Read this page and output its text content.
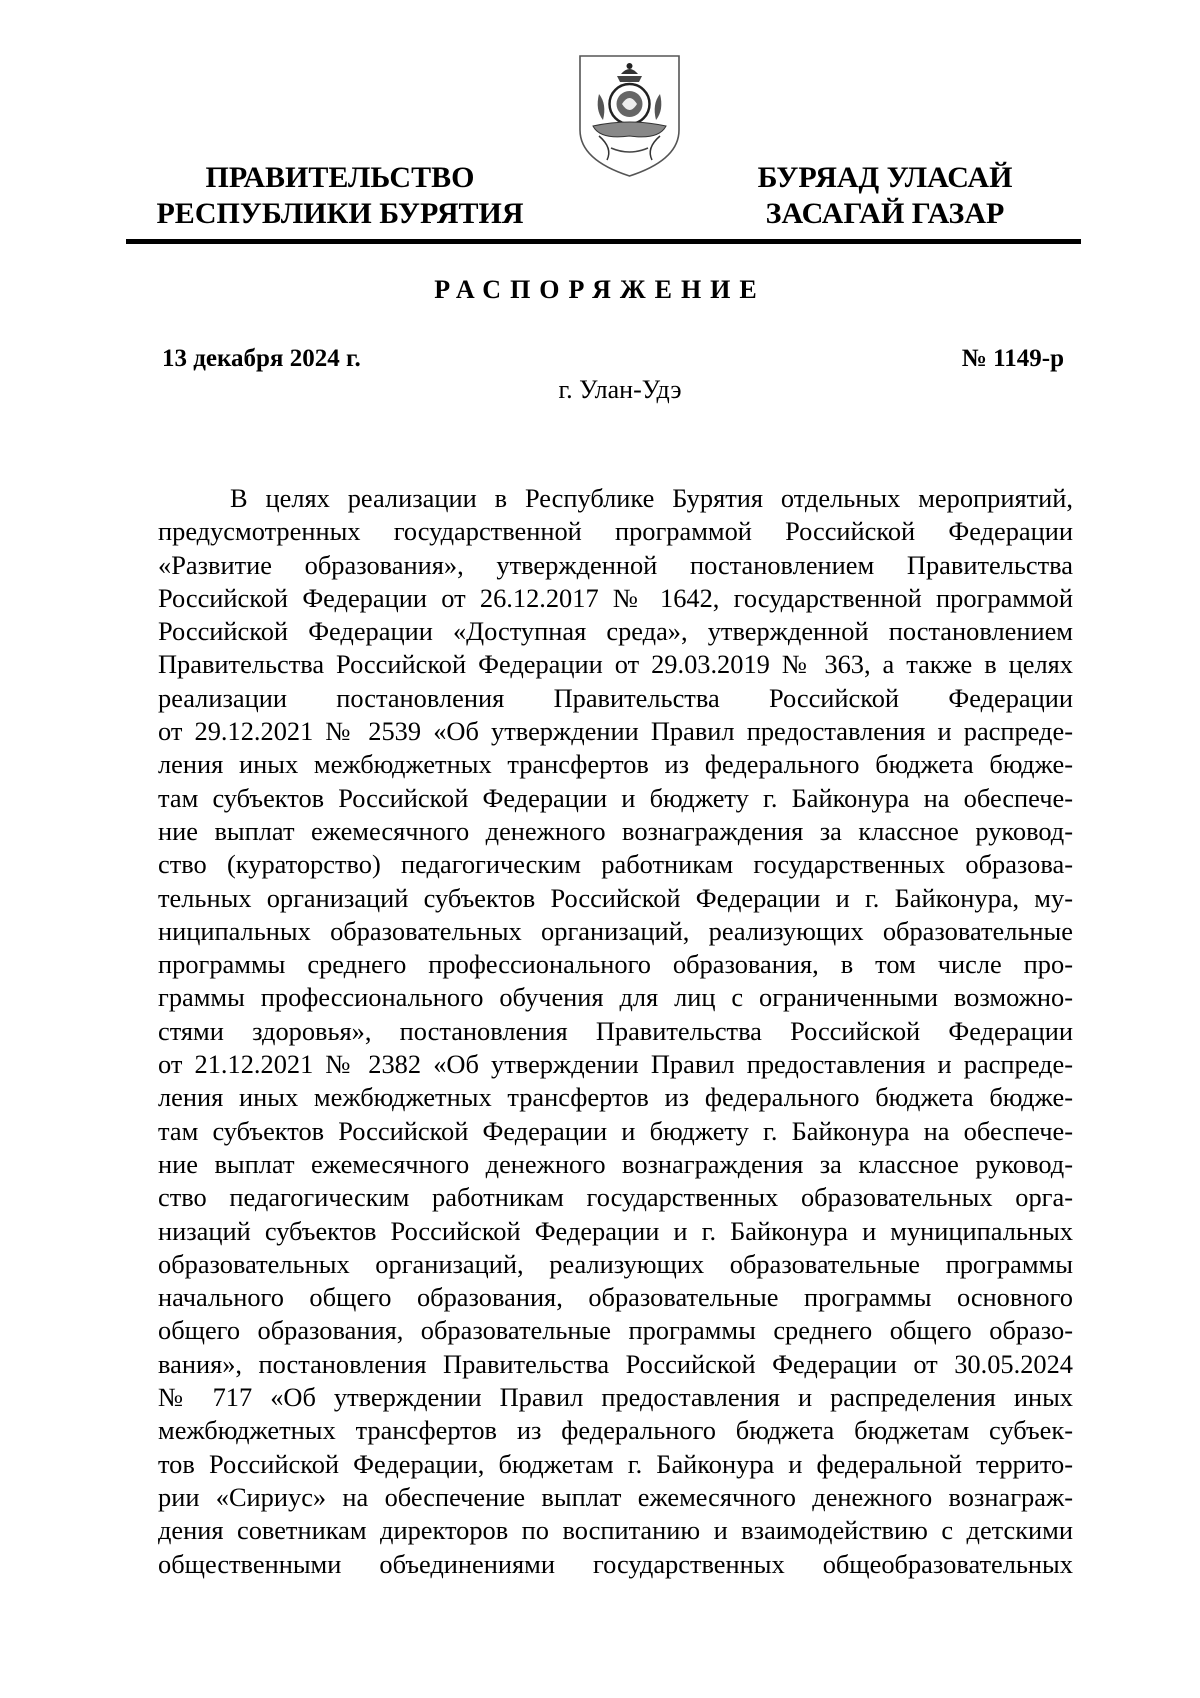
ПРАВИТЕЛЬСТВО
РЕСПУБЛИКИ БУРЯТИЯ
БУРЯАД УЛАСАЙ
ЗАСАГАЙ ГАЗАР
РАСПОРЯЖЕНИЕ
13 декабря 2024 г.	№ 1149-р
г. Улан-Удэ
В целях реализации в Республике Бурятия отдельных мероприятий,
предусмотренных государственной программой Российской Федерации
«Развитие образования», утвержденной постановлением Правительства
Российской Федерации от 26.12.2017 № 1642, государственной программой
Российской Федерации «Доступная среда», утвержденной постановлением
Правительства Российской Федерации от 29.03.2019 № 363, а также в целях
реализации постановления Правительства Российской Федерации
от 29.12.2021 № 2539 «Об утверждении Правил предоставления и распреде-
ления иных межбюджетных трансфертов из федерального бюджета бюдже-
там субъектов Российской Федерации и бюджету г. Байконура на обеспече-
ние выплат ежемесячного денежного вознаграждения за классное руковод-
ство (кураторство) педагогическим работникам государственных образова-
тельных организаций субъектов Российской Федерации и г. Байконура, му-
ниципальных образовательных организаций, реализующих образовательные
программы среднего профессионального образования, в том числе про-
граммы профессионального обучения для лиц с ограниченными возможно-
стями здоровья», постановления Правительства Российской Федерации
от 21.12.2021 № 2382 «Об утверждении Правил предоставления и распреде-
ления иных межбюджетных трансфертов из федерального бюджета бюдже-
там субъектов Российской Федерации и бюджету г. Байконура на обеспече-
ние выплат ежемесячного денежного вознаграждения за классное руковод-
ство педагогическим работникам государственных образовательных орга-
низаций субъектов Российской Федерации и г. Байконура и муниципальных
образовательных организаций, реализующих образовательные программы
начального общего образования, образовательные программы основного
общего образования, образовательные программы среднего общего образо-
вания», постановления Правительства Российской Федерации от 30.05.2024
№ 717 «Об утверждении Правил предоставления и распределения иных
межбюджетных трансфертов из федерального бюджета бюджетам субъек-
тов Российской Федерации, бюджетам г. Байконура и федеральной террито-
рии «Сириус» на обеспечение выплат ежемесячного денежного вознаграж-
дения советникам директоров по воспитанию и взаимодействию с детскими
общественными объединениями государственных общеобразовательных
